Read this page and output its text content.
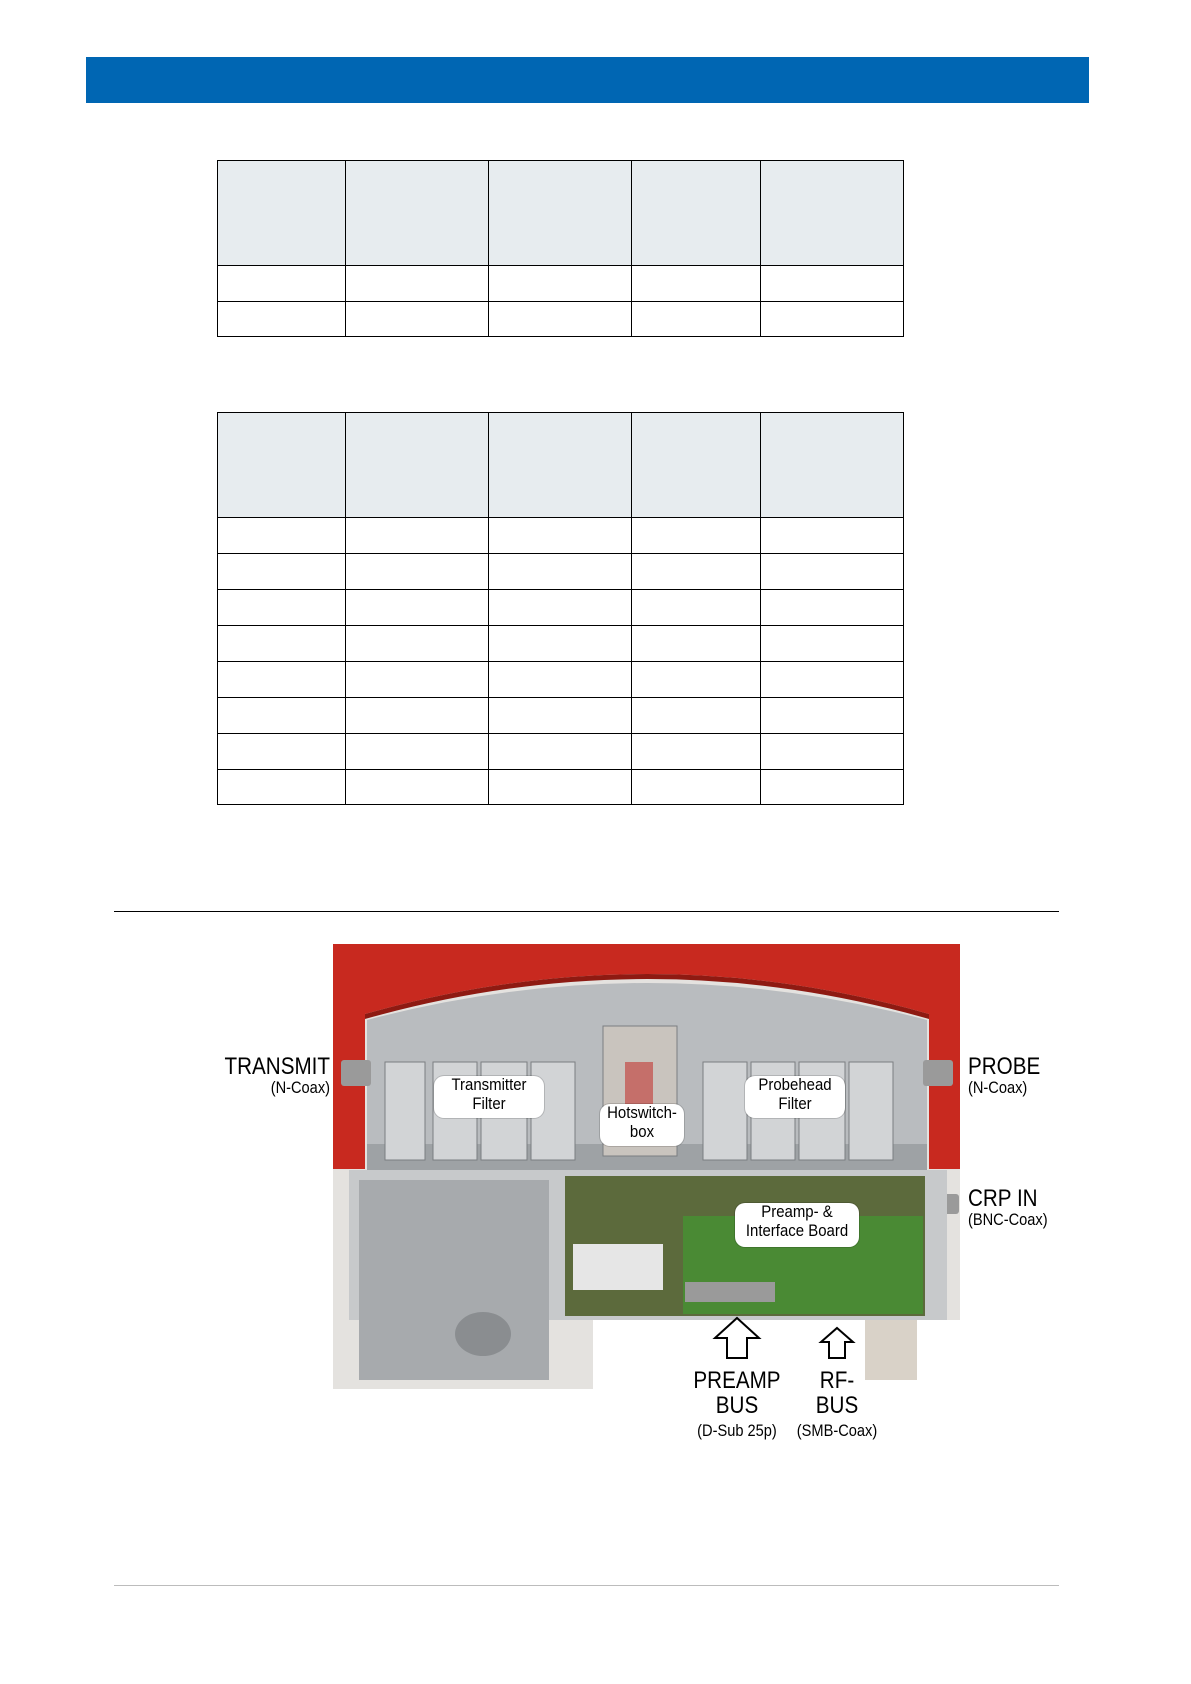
Transmitter
Filter	Hotswitch-
box
Probehead
Filter
Preamp- &
Interface Board
TRANSMIT
(N-Coax)
PROBE
(N-Coax)
CRP IN
(BNC-Coax)
PREAMP
BUS
(D-Sub 25p)
RF-
BUS
(SMB-Coax)
